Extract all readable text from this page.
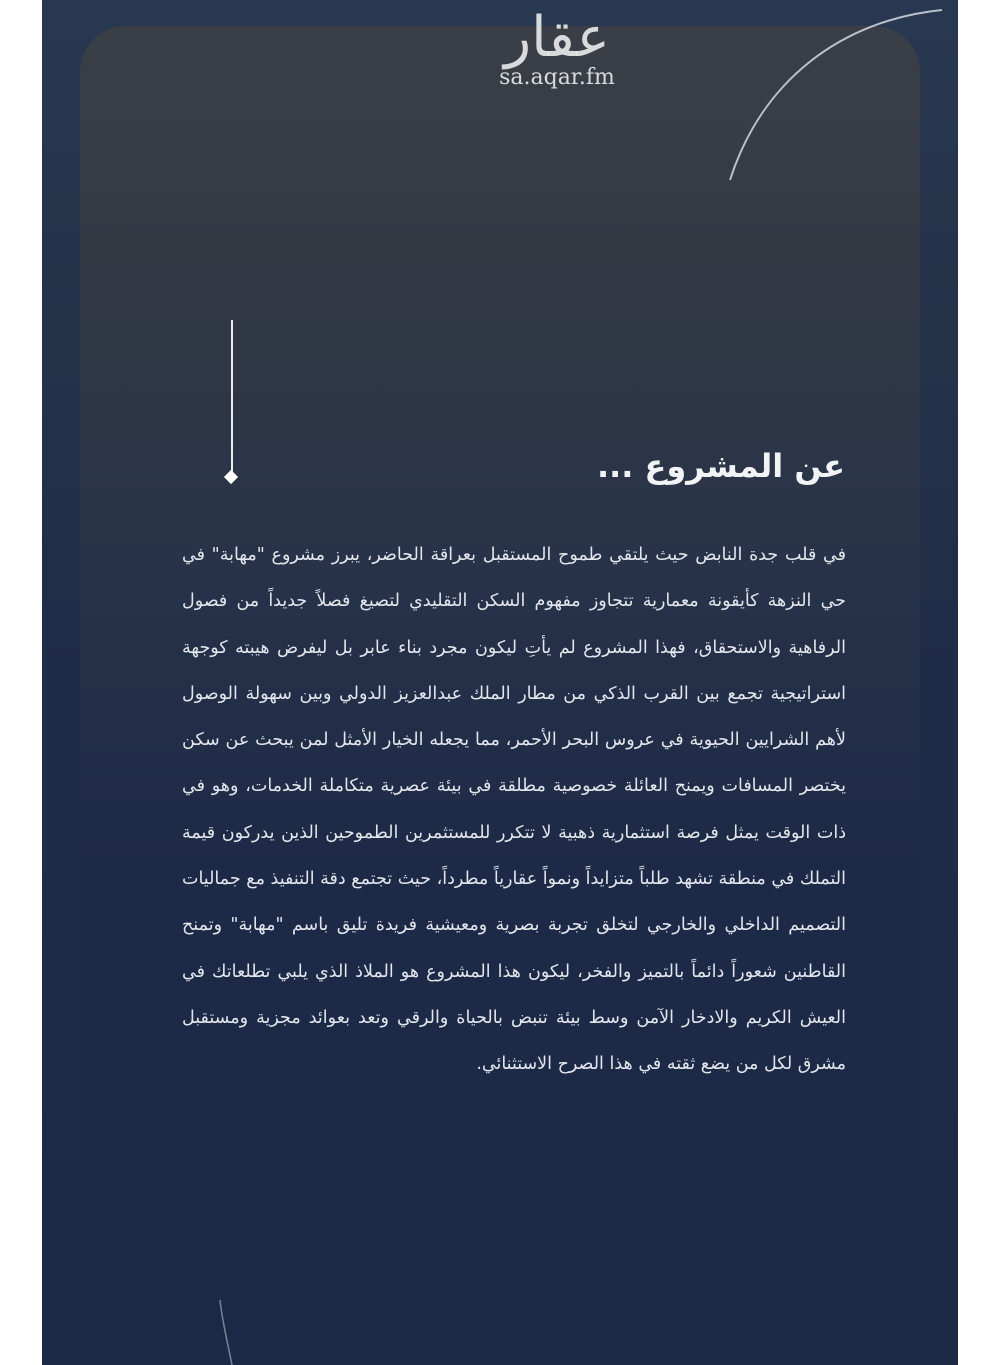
عقار
sa.aqar.fm
عن المشروع ...
في قلب جدة النابض حيث يلتقي طموح المستقبل بعراقة الحاضر، يبرز مشروع "مهابة" في حي النزهة كأيقونة معمارية تتجاوز مفهوم السكن التقليدي لتصيغ فصلاً جديداً من فصول الرفاهية والاستحقاق، فهذا المشروع لم يأتِ ليكون مجرد بناء عابر بل ليفرض هيبته كوجهة استراتيجية تجمع بين القرب الذكي من مطار الملك عبدالعزيز الدولي وبين سهولة الوصول لأهم الشرايين الحيوية في عروس البحر الأحمر، مما يجعله الخيار الأمثل لمن يبحث عن سكن يختصر المسافات ويمنح العائلة خصوصية مطلقة في بيئة عصرية متكاملة الخدمات، وهو في ذات الوقت يمثل فرصة استثمارية ذهبية لا تتكرر للمستثمرين الطموحين الذين يدركون قيمة التملك في منطقة تشهد طلباً متزايداً ونمواً عقارياً مطرداً، حيث تجتمع دقة التنفيذ مع جماليات التصميم الداخلي والخارجي لتخلق تجربة بصرية ومعيشية فريدة تليق باسم "مهابة" وتمنح القاطنين شعوراً دائماً بالتميز والفخر، ليكون هذا المشروع هو الملاذ الذي يلبي تطلعاتك في العيش الكريم والادخار الآمن وسط بيئة تنبض بالحياة والرقي وتعد بعوائد مجزية ومستقبل مشرق لكل من يضع ثقته في هذا الصرح الاستثنائي.
